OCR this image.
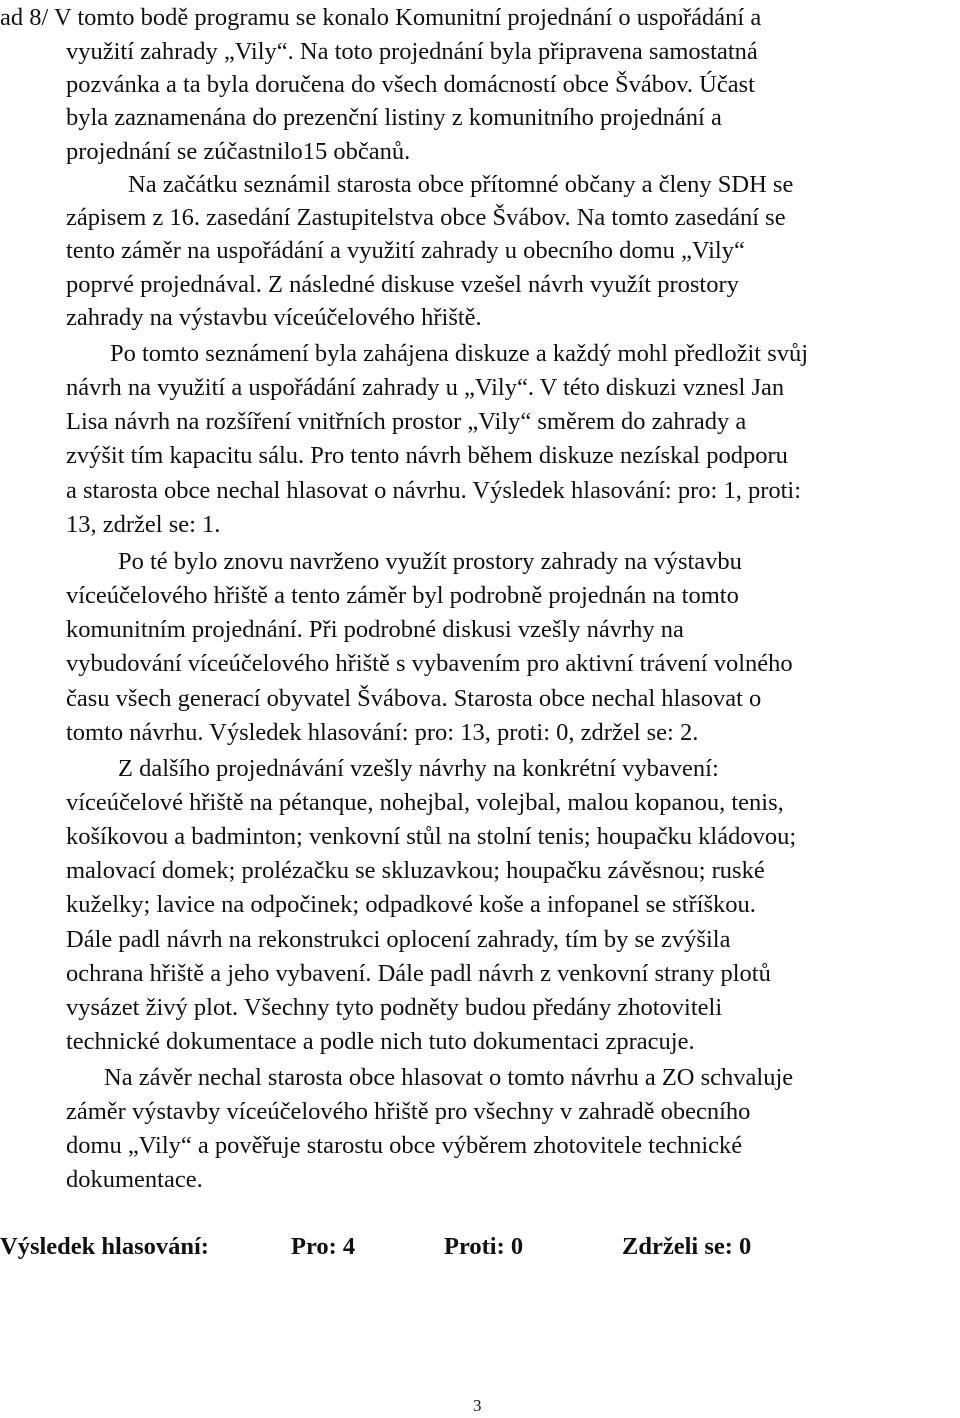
ad 8/ V tomto bodě programu se konalo Komunitní projednání o uspořádání a

využití zahrady „Vily“. Na toto projednání byla připravena samostatná

pozvánka a ta byla doručena do všech domácností obce Švábov. Účast

byla zaznamenána do prezenční listiny z komunitního projednání a

projednání se zúčastnilo15 občanů.

Na začátku seznámil starosta obce přítomné občany a členy SDH se

zápisem z 16. zasedání Zastupitelstva obce Švábov. Na tomto zasedání se

tento záměr na uspořádání a využití zahrady u obecního domu „Vily“

poprvé projednával. Z následné diskuse vzešel návrh využít prostory

zahrady na výstavbu víceúčelového hřiště.

Po tomto seznámení byla zahájena diskuze a každý mohl předložit svůj

návrh na využití a uspořádání zahrady u „Vily“. V této diskuzi vznesl Jan

Lisa návrh na rozšíření vnitřních prostor „Vily“ směrem do zahrady a

zvýšit tím kapacitu sálu. Pro tento návrh během diskuze nezískal podporu

a starosta obce nechal hlasovat o návrhu. Výsledek hlasování: pro: 1, proti:

13, zdržel se: 1.

Po té bylo znovu navrženo využít prostory zahrady na výstavbu

víceúčelového hřiště a tento záměr byl podrobně projednán na tomto

komunitním projednání. Při podrobné diskusi vzešly návrhy na

vybudování víceúčelového hřiště s vybavením pro aktivní trávení volného

času všech generací obyvatel Švábova. Starosta obce nechal hlasovat o

tomto návrhu. Výsledek hlasování: pro: 13, proti: 0, zdržel se: 2.

Z dalšího projednávání vzešly návrhy na konkrétní vybavení:

víceúčelové hřiště na pétanque, nohejbal, volejbal, malou kopanou, tenis,

košíkovou a badminton; venkovní stůl na stolní tenis; houpačku kládovou;

malovací domek; prolézačku se skluzavkou; houpačku závěsnou; ruské

kuželky; lavice na odpočinek; odpadkové koše a infopanel se stříškou.

Dále padl návrh na rekonstrukci oplocení zahrady, tím by se zvýšila

ochrana hřiště a jeho vybavení. Dále padl návrh z venkovní strany plotů

vysázet živý plot. Všechny tyto podněty budou předány zhotoviteli

technické dokumentace a podle nich tuto dokumentaci zpracuje.

Na závěr nechal starosta obce hlasovat o tomto návrhu a ZO schvaluje

záměr výstavby víceúčelového hřiště pro všechny v zahradě obecního

domu „Vily“ a pověřuje starostu obce výběrem zhotovitele technické

dokumentace.

Výsledek hlasování:	Pro: 4	Proti: 0	Zdrželi se: 0
3
